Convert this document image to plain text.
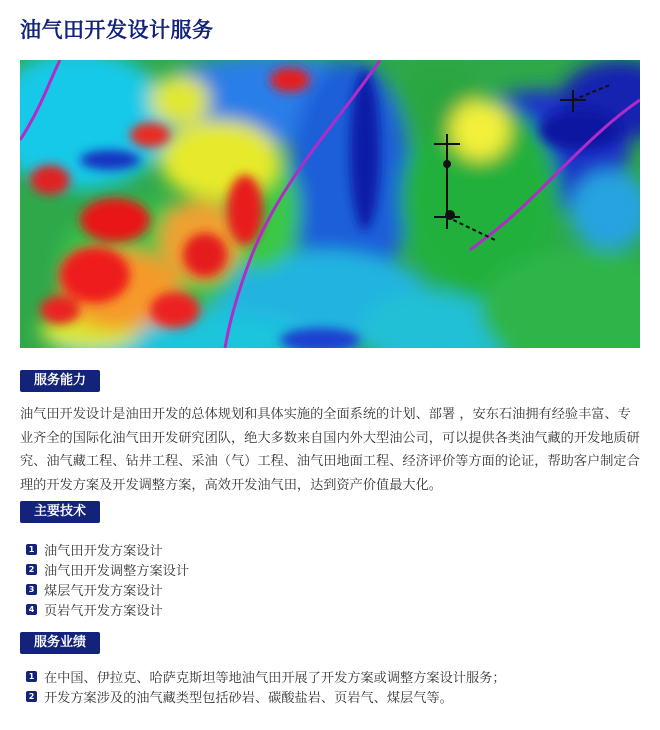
油气田开发设计服务
服务能力

油气田开发设计是油田开发的总体规划和具体实施的全面系统的计划、部署 ，安东石油拥有经验丰富、专业齐全的国际化油气田开发研究团队，绝大多数来自国内外大型油公司，可以提供各类油气藏的开发地质研究、油气藏工程、钻井工程、采油（气）工程、油气田地面工程、经济评价等方面的论证，帮助客户制定合理的开发方案及开发调整方案，高效开发油气田，达到资产价值最大化。

主要技术
1 油气田开发方案设计
2 油气田开发调整方案设计
3 煤层气开发方案设计
4 页岩气开发方案设计
服务业绩
1 在中国、伊拉克、哈萨克斯坦等地油气田开展了开发方案或调整方案设计服务；
2 开发方案涉及的油气藏类型包括砂岩、碳酸盐岩、页岩气、煤层气等。
